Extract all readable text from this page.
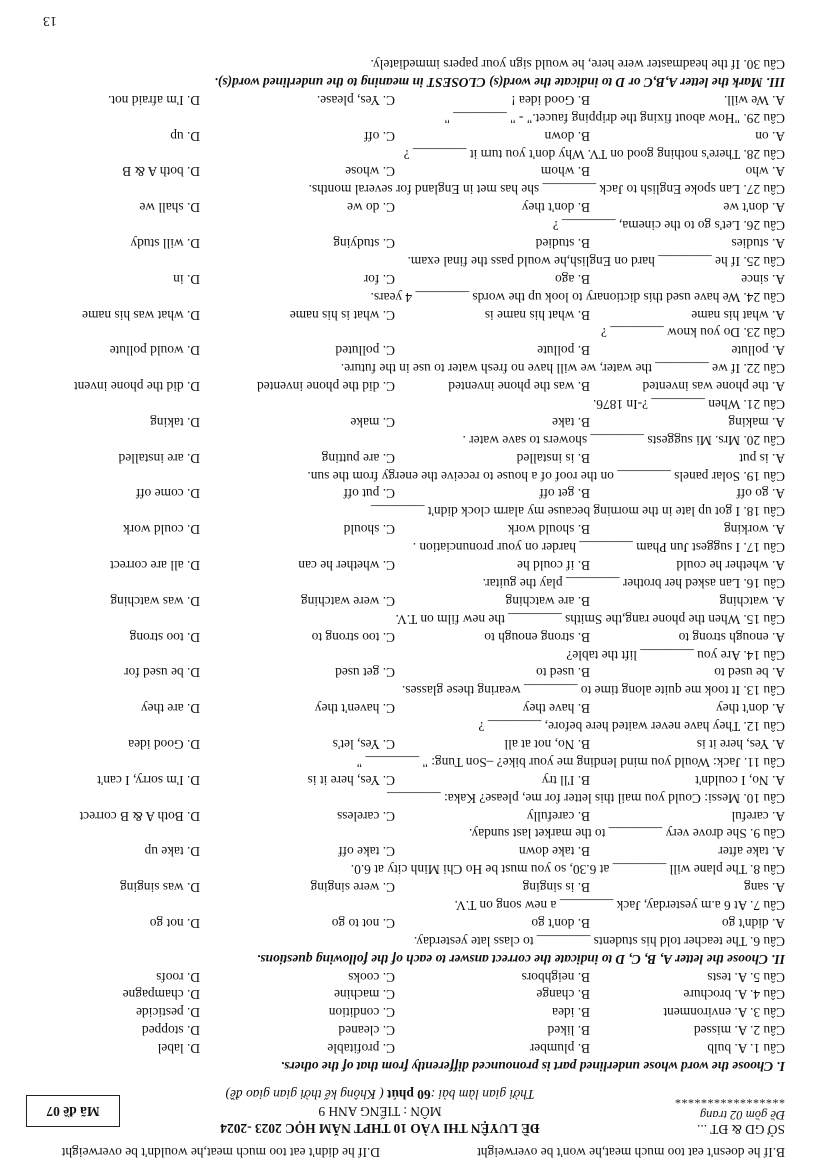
B.If he doesn't eat too much meat,he won't be overweight
D.If he didn't eat too much meat,he wouldn't be overweight
SỞ GD & ĐT ...
Đề gồm 02 trang
*****************
ĐỀ LUYỆN THI VÀO 10 THPT NĂM HỌC 2023 -2024
MÔN : TIẾNG ANH 9
Thời gian làm bài :60 phút ( Không kể thời gian giao đề)
Mã đề 07
I. Choose the word whose underlined part is pronounced differently from that of the others.
Câu 1. A. bulb
B. plumber
C. profitable
D. label
Câu 2. A. missed
B. liked
C. cleaned
D. stopped
Câu 3. A. environment
B. idea
C. condition
D. pesticide
Câu 4. A. brochure
B. change
C. machine
D. champagne
Câu 5. A. tests
B. neighbors
C. cooks
D. roofs
II. Choose the letter A, B, C, D to indicate the correct answer to each of the following questions.
Câu 6. The teacher told his students ________ to class late yesterday.
A. didn't go
B. don't go
C. not to go
D. not go
Câu 7. At 6 a.m yesterday, Jack ________ a new song on T.V.
A. sang
B. is singing
C. were singing
D. was singing
Câu 8. The plane will ________ at 6.30, so you must be Ho Chi Minh city at 6.0.
A. take after
B. take down
C. take off
D. take up
Câu 9. She drove very ________ to the market last sunday.
A. careful
B. carefully
C. careless
D. Both A & B correct
Câu 10. Messi: Could you mail this letter for me, please? Kaka: ________
A. No, I couldn't
B. I'll try
C. Yes, here it is
D. I'm sorry, I can't
Câu 11. Jack: Would you mind lending me your bike? –Son Tung: " ________ "
A. Yes, here it is
B. No, not at all
C. Yes, let's
D. Good idea
Câu 12. They have never waited here before, ________ ?
A. don't they
B. have they
C. haven't they
D. are they
Câu 13. It took me quite along time to ________ wearing these glasses.
A. be used to
B. used to
C. get used
D. be used for
Câu 14. Are you ________ lift the table?
A. enough strong to
B. strong enough to
C. too strong to
D. too strong
Câu 15. When the phone rang,the Smiths ________ the new film on T.V.
A. watching
B. are watching
C. were watching
D. was watching
Câu 16. Lan asked her brother ________ play the guitar.
A. whether he could
B. if could he
C. whether he can
D. all are correct
Câu 17. I suggest Jun Pham ________ harder on your pronunciation .
A. working
B. should work
C. should
D. could work
Câu 18. I got up late in the morning because my alarm clock didn't ________
A. go off
B. get off
C. put off
D. come off
Câu 19. Solar panels ________ on the roof of a house to receive the energy from the sun.
A. is put
B. is installed
C. are putting
D. are installed
Câu 20. Mrs. Mi suggests ________ showers to save water .
A. making
B. take
C. make
D. taking
Câu 21. When ________ ?-In 1876.
A. the phone was invented
B. was the phone invented
C. did the phone invented
D. did the phone invent
Câu 22. If we ________ the water, we will have no fresh water to use in the future.
A. pollute
B. pollute
C. polluted
D. would pollute
Câu 23. Do you know ________ ?
A. what his name
B. what his name is
C. what is his name
D. what was his name
Câu 24. We have used this dictionary to look up the words ________ 4 years.
A. since
B. ago
C. for
D. in
Câu 25. If he ________ hard on English,he would pass the final exam.
A. studies
B. studied
C. studying
D. will study
Câu 26. Let's go to the cinema, ________ ?
A. don't we
B. don't they
C. do we
D. shall we
Câu 27. Lan spoke English to Jack ________ she has met in England for several months.
A. who
B. whom
C. whose
D. both A & B
Câu 28. There's nothing good on TV. Why don't you turn it ________ ?
A. on
B. down
C. off
D. up
Câu 29. "How about fixing the dripping faucet." - " ________ "
A. We will.
B. Good idea !
C. Yes, please.
D. I'm afraid not.
III. Mark the letter A,B,C or D to indicate the word(s) CLOSEST in meaning to the underlined word(s).
Câu 30. If the headmaster were here, he would sign your papers immediately.
13
